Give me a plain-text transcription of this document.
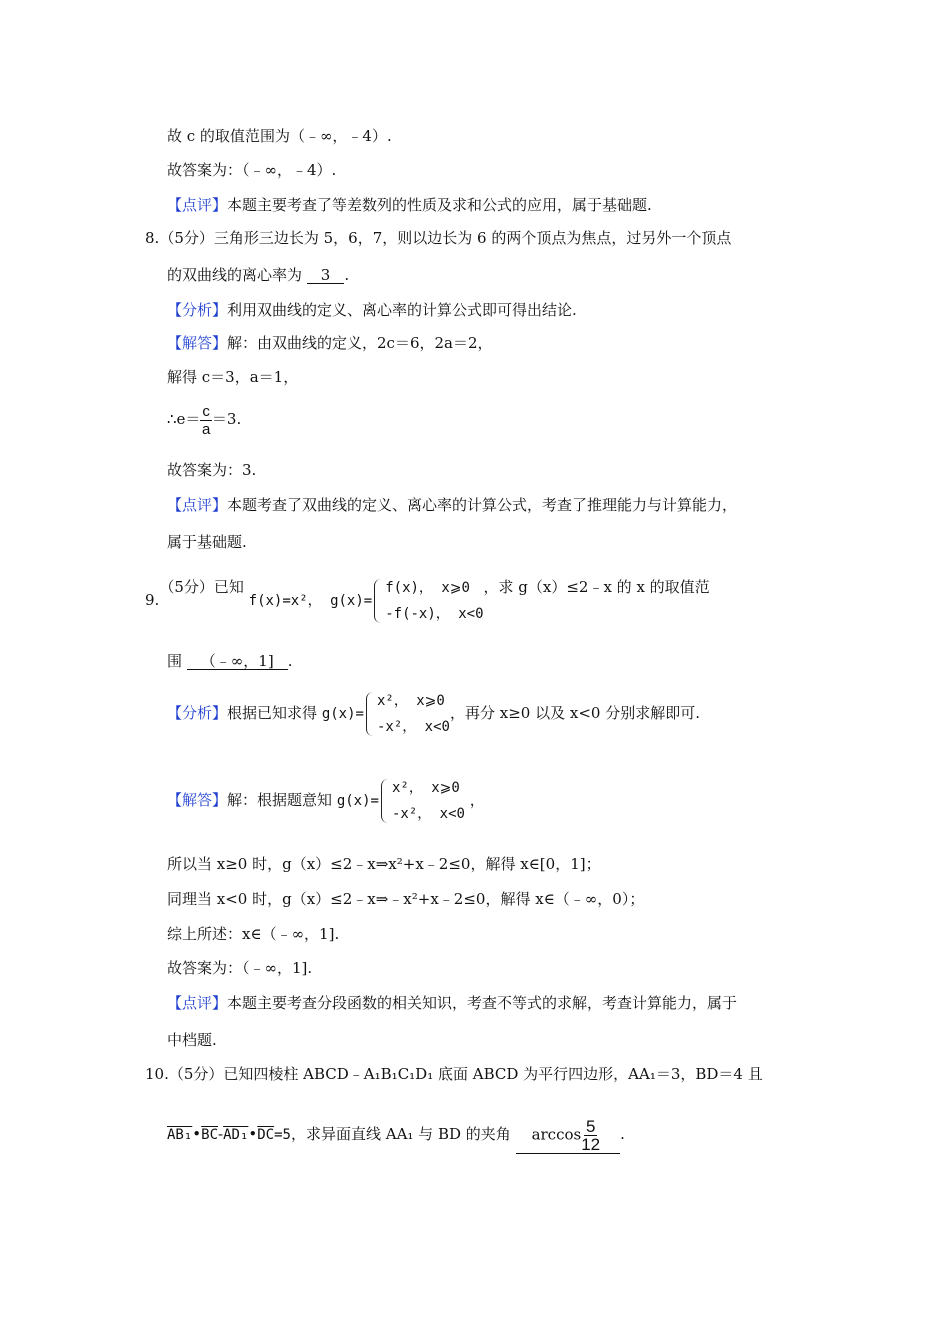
故 c 的取值范围为（﹣∞，﹣4）.
故答案为：（﹣∞，﹣4）.
【点评】本题主要考查了等差数列的性质及求和公式的应用，属于基础题.
8.（5分）三角形三边长为 5，6，7，则以边长为 6 的两个顶点为焦点，过另外一个顶点
的双曲线的离心率为 3 .
【分析】利用双曲线的定义、离心率的计算公式即可得出结论.
【解答】解：由双曲线的定义，2c＝6，2a＝2，
解得 c＝3，a＝1，
∴e＝ $\frac{c}{a} =3$.
故答案为：3.
【点评】本题考查了双曲线的定义、离心率的计算公式，考查了推理能力与计算能力，
属于基础题.
9.（5分）已知
f(x)=x²， g(x)=
f(x)， x⩾0
-f(-x)， x<0
，求 g（x）≤2﹣x 的 x 的取值范
围 （﹣∞，1] .
【分析】根据已知求得 g(x)=
x²， x⩾0
-x²， x<0
，再分 x≥0 以及 x<0 分别求解即可.
【解答】解：根据题意知 g(x)=
x²， x⩾0
-x²， x<0
，
所以当 x≥0 时，g（x）≤2﹣x⇒x²+x﹣2≤0，解得 x∈[0，1]；
同理当 x<0 时，g（x）≤2﹣x⇒﹣x²+x﹣2≤0，解得 x∈（﹣∞，0）；
综上所述：x∈（﹣∞，1].
故答案为：（﹣∞，1].
【点评】本题主要考查分段函数的相关知识，考查不等式的求解，考查计算能力，属于
中档题.
10.（5分）已知四棱柱 ABCD﹣A₁B₁C₁D₁ 底面 ABCD 为平行四边形，AA₁＝3，BD＝4 且
$AB_1•\overline{BC}-AD_1•\overline{DC}=5$，求异面直线 AA₁ 与 BD 的夹角 $\arccos \frac{5}{12}$ .
